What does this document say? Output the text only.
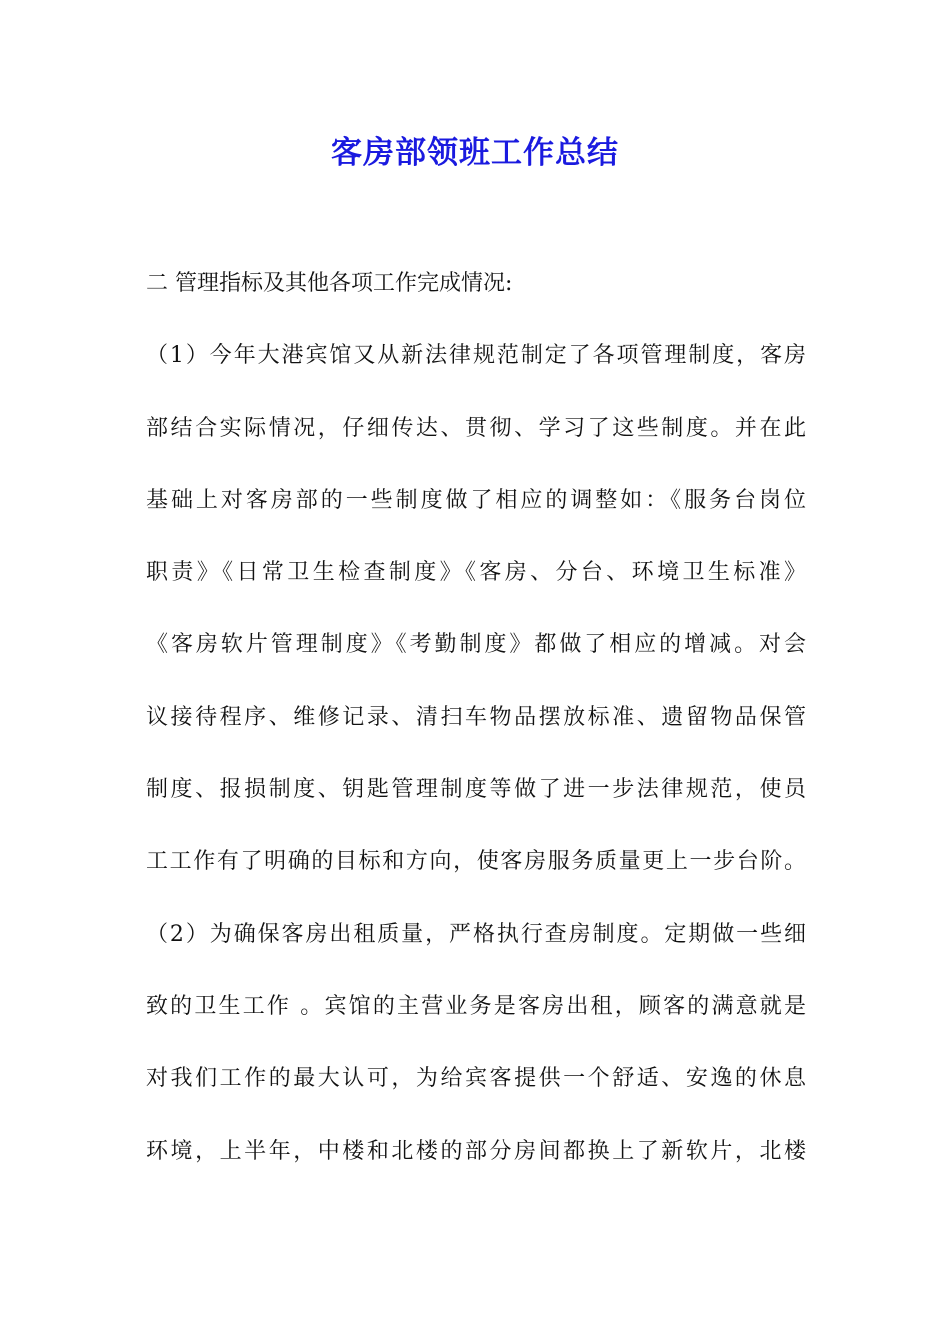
客房部领班工作总结
二 管理指标及其他各项工作完成情况:
（1）今年大港宾馆又从新法律规范制定了各项管理制度，客房
部结合实际情况，仔细传达、贯彻、学习了这些制度。并在此
基础上对客房部的一些制度做了相应的调整如：《服务台岗位
职责》《日常卫生检查制度》《客房、分台、环境卫生标准》
《客房软片管理制度》《考勤制度》都做了相应的增减。对会
议接待程序、维修记录、清扫车物品摆放标准、遗留物品保管
制度、报损制度、钥匙管理制度等做了进一步法律规范，使员
工工作有了明确的目标和方向，使客房服务质量更上一步台阶。
（2）为确保客房出租质量，严格执行查房制度。定期做一些细
致的卫生工作 。宾馆的主营业务是客房出租，顾客的满意就是
对我们工作的最大认可，为给宾客提供一个舒适、安逸的休息
环境，上半年，中楼和北楼的部分房间都换上了新软片，北楼
